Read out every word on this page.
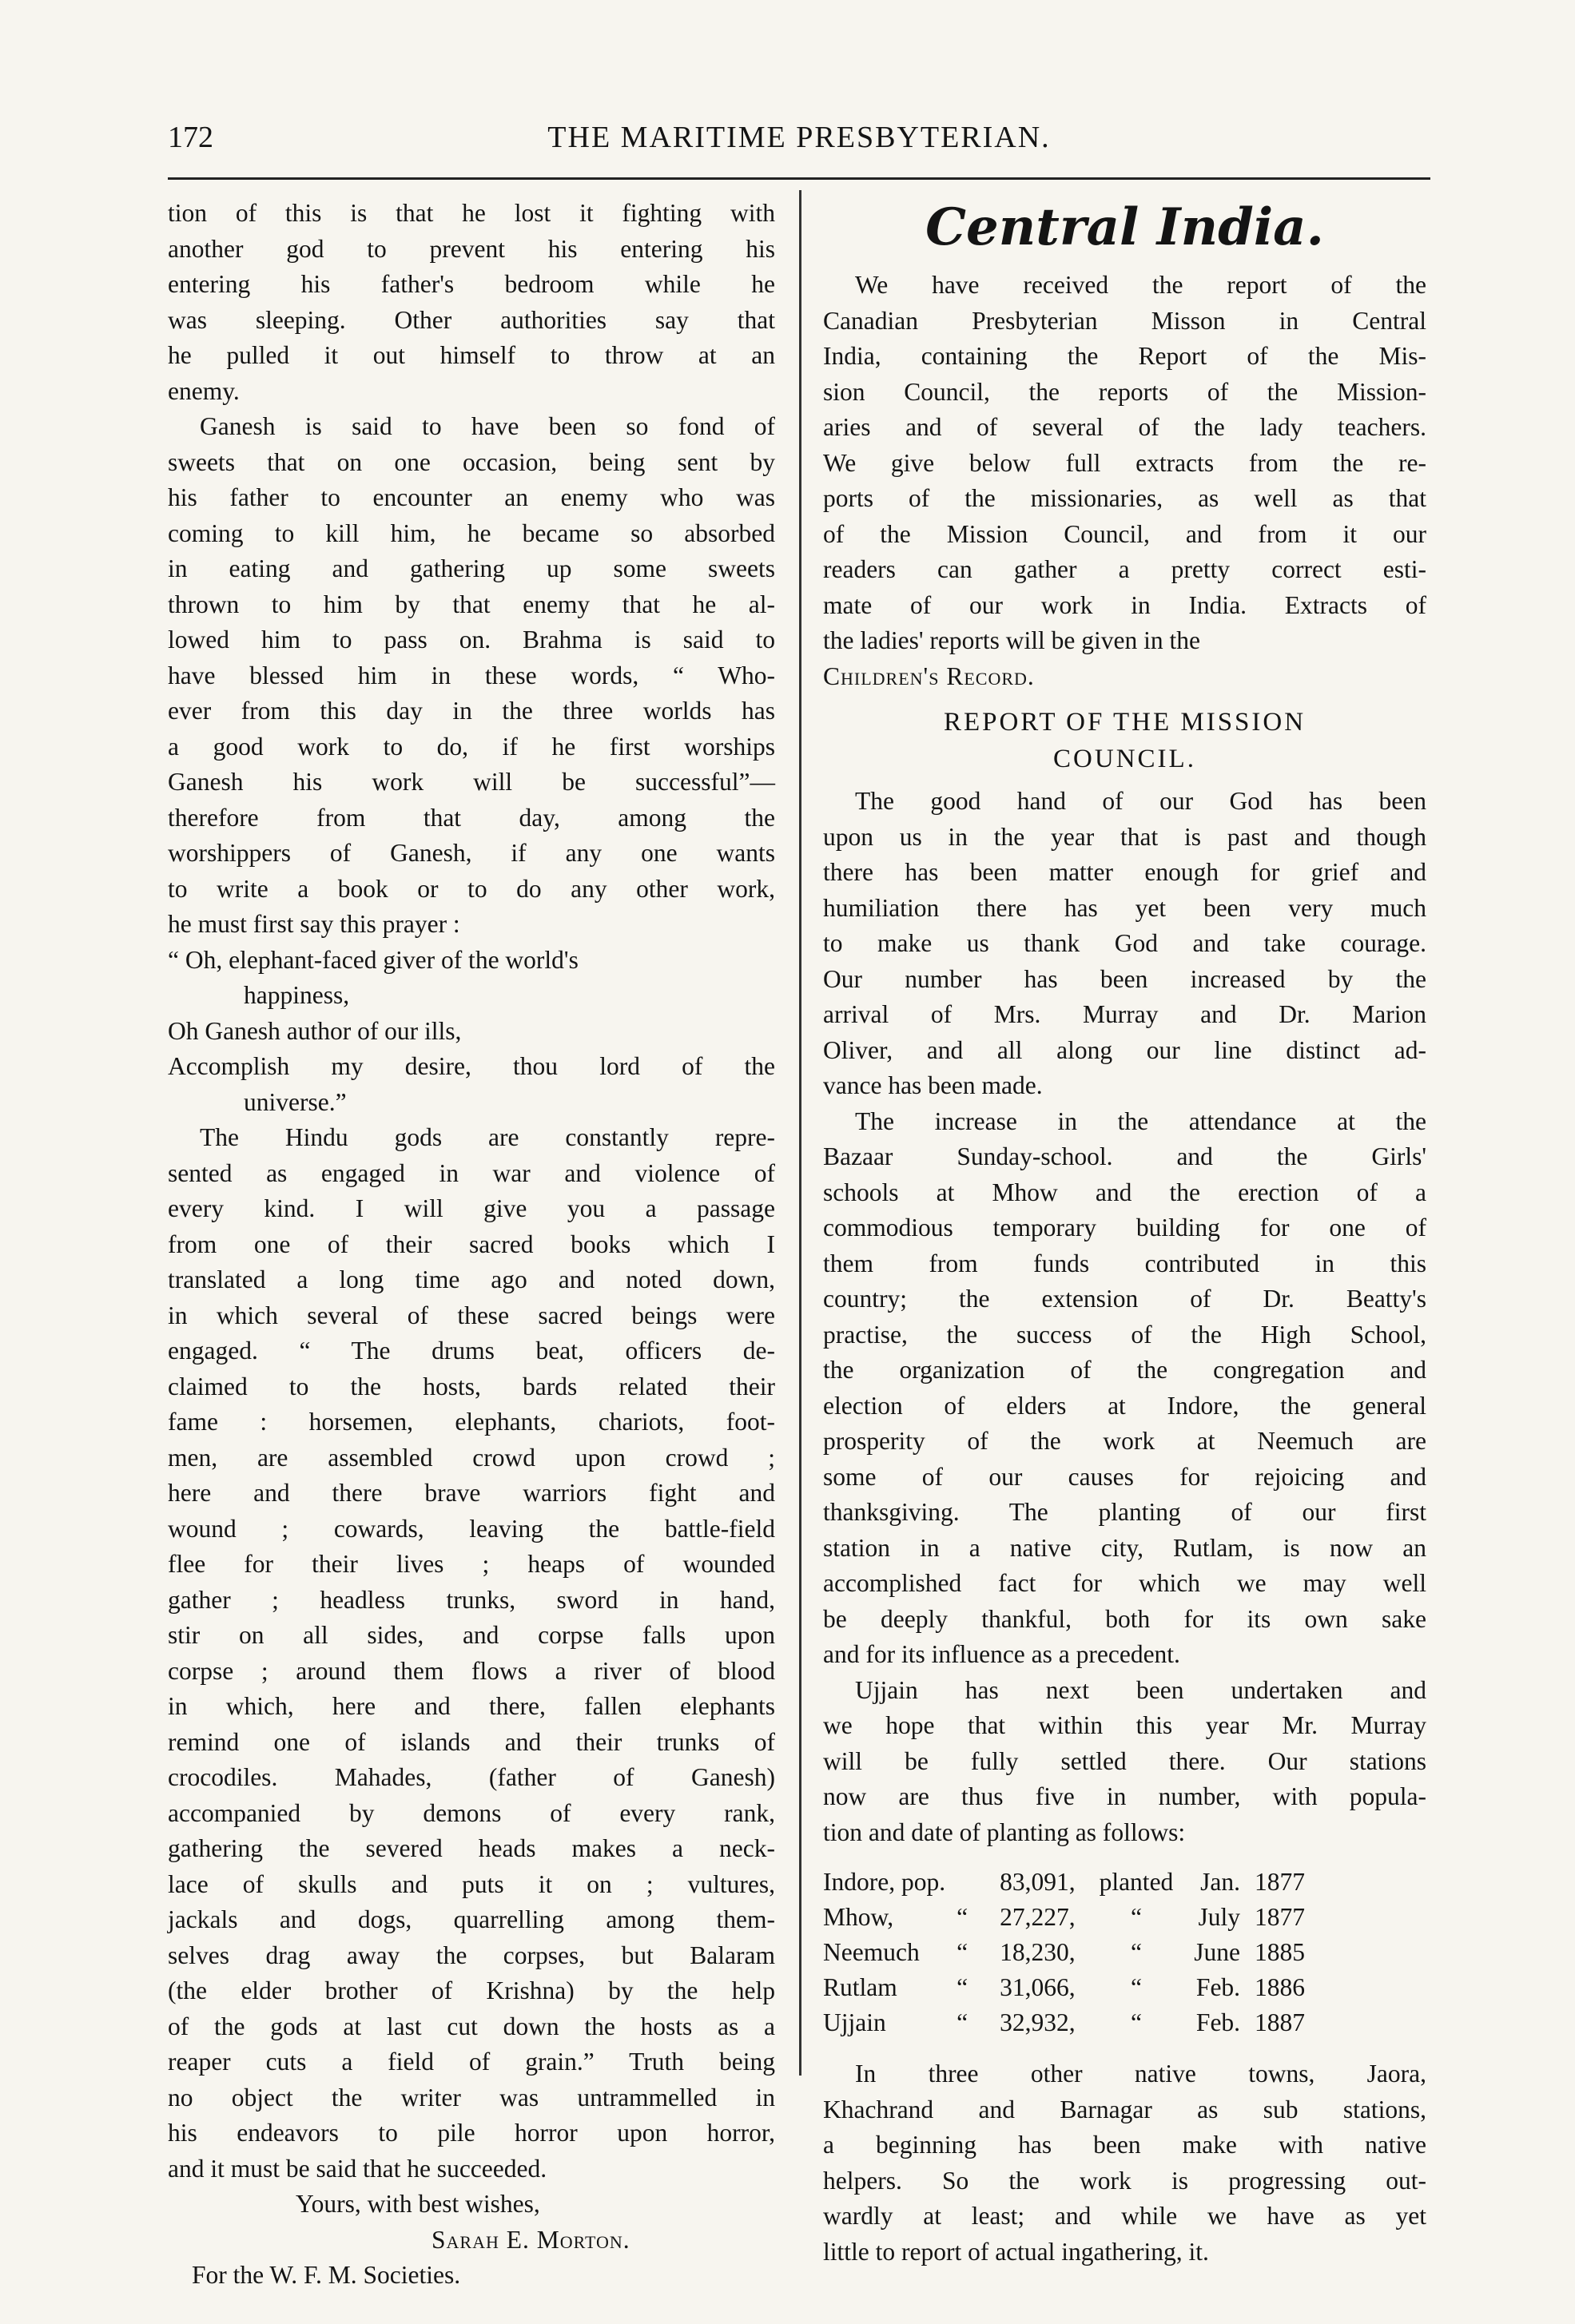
172	THE MARITIME PRESBYTERIAN.

tion of this is that he lost it fighting with
another god to prevent his entering his
entering his father's bedroom while he
was sleeping. Other authorities say that
he pulled it out himself to throw at an
enemy.

Ganesh is said to have been so fond of
sweets that on one occasion, being sent by
his father to encounter an enemy who was
coming to kill him, he became so absorbed
in eating and gathering up some sweets
thrown to him by that enemy that he al-
lowed him to pass on. Brahma is said to
have blessed him in these words, “ Who-
ever from this day in the three worlds has
a good work to do, if he first worships
Ganesh his work will be successful”—
therefore from that day, among the
worshippers of Ganesh, if any one wants
to write a book or to do any other work,
he must first say this prayer :

“ Oh, elephant-faced giver of the world's
happiness,
Oh Ganesh author of our ills,
Accomplish my desire, thou lord of the
universe.”

The Hindu gods are constantly repre-
sented as engaged in war and violence of
every kind. I will give you a passage
from one of their sacred books which I
translated a long time ago and noted down,
in which several of these sacred beings were
engaged. “ The drums beat, officers de-
claimed to the hosts, bards related their
fame : horsemen, elephants, chariots, foot-
men, are assembled crowd upon crowd ;
here and there brave warriors fight and
wound ; cowards, leaving the battle-field
flee for their lives ; heaps of wounded
gather ; headless trunks, sword in hand,
stir on all sides, and corpse falls upon
corpse ; around them flows a river of blood
in which, here and there, fallen elephants
remind one of islands and their trunks of
crocodiles. Mahades, (father of Ganesh)
accompanied by demons of every rank,
gathering the severed heads makes a neck-
lace of skulls and puts it on ; vultures,
jackals and dogs, quarrelling among them-
selves drag away the corpses, but Balaram
(the elder brother of Krishna) by the help
of the gods at last cut down the hosts as a
reaper cuts a field of grain.” Truth being
no object the writer was untrammelled in
his endeavors to pile horror upon horror,
and it must be said that he succeeded.

Yours, with best wishes,
Sarah E. Morton.
For the W. F. M. Societies.
Central India.

We have received the report of the
Canadian Presbyterian Misson in Central
India, containing the Report of the Mis-
sion Council, the reports of the Mission-
aries and of several of the lady teachers.
We give below full extracts from the re-
ports of the missionaries, as well as that
of the Mission Council, and from it our
readers can gather a pretty correct esti-
mate of our work in India. Extracts of
the ladies' reports will be given in the

Children's Record.
REPORT OF THE MISSION
COUNCIL.

The good hand of our God has been
upon us in the year that is past and though
there has been matter enough for grief and
humiliation there has yet been very much
to make us thank God and take courage.
Our number has been increased by the
arrival of Mrs. Murray and Dr. Marion
Oliver, and all along our line distinct ad-
vance has been made.

The increase in the attendance at the
Bazaar Sunday-school. and the Girls'
schools at Mhow and the erection of a
commodious temporary building for one of
them from funds contributed in this
country; the extension of Dr. Beatty's
practise, the success of the High School,
the organization of the congregation and
election of elders at Indore, the general
prosperity of the work at Neemuch are
some of our causes for rejoicing and
thanksgiving. The planting of our first
station in a native city, Rutlam, is now an
accomplished fact for which we may well
be deeply thankful, both for its own sake
and for its influence as a precedent.

Ujjain has next been undertaken and
we hope that within this year Mr. Murray
will be fully settled there. Our stations
now are thus five in number, with popula-
tion and date of planting as follows:

Indore, pop.		83,091,	planted	Jan.	1877
Mhow,	“	27,227,	“	July	1877
Neemuch	“	18,230,	“	June	1885
Rutlam	“	31,066,	“	Feb.	1886
Ujjain	“	32,932,	“	Feb.	1887

In three other native towns, Jaora,
Khachrand and Barnagar as sub stations,
a beginning has been make with native
helpers. So the work is progressing out-
wardly at least; and while we have as yet
little to report of actual ingathering, it.
